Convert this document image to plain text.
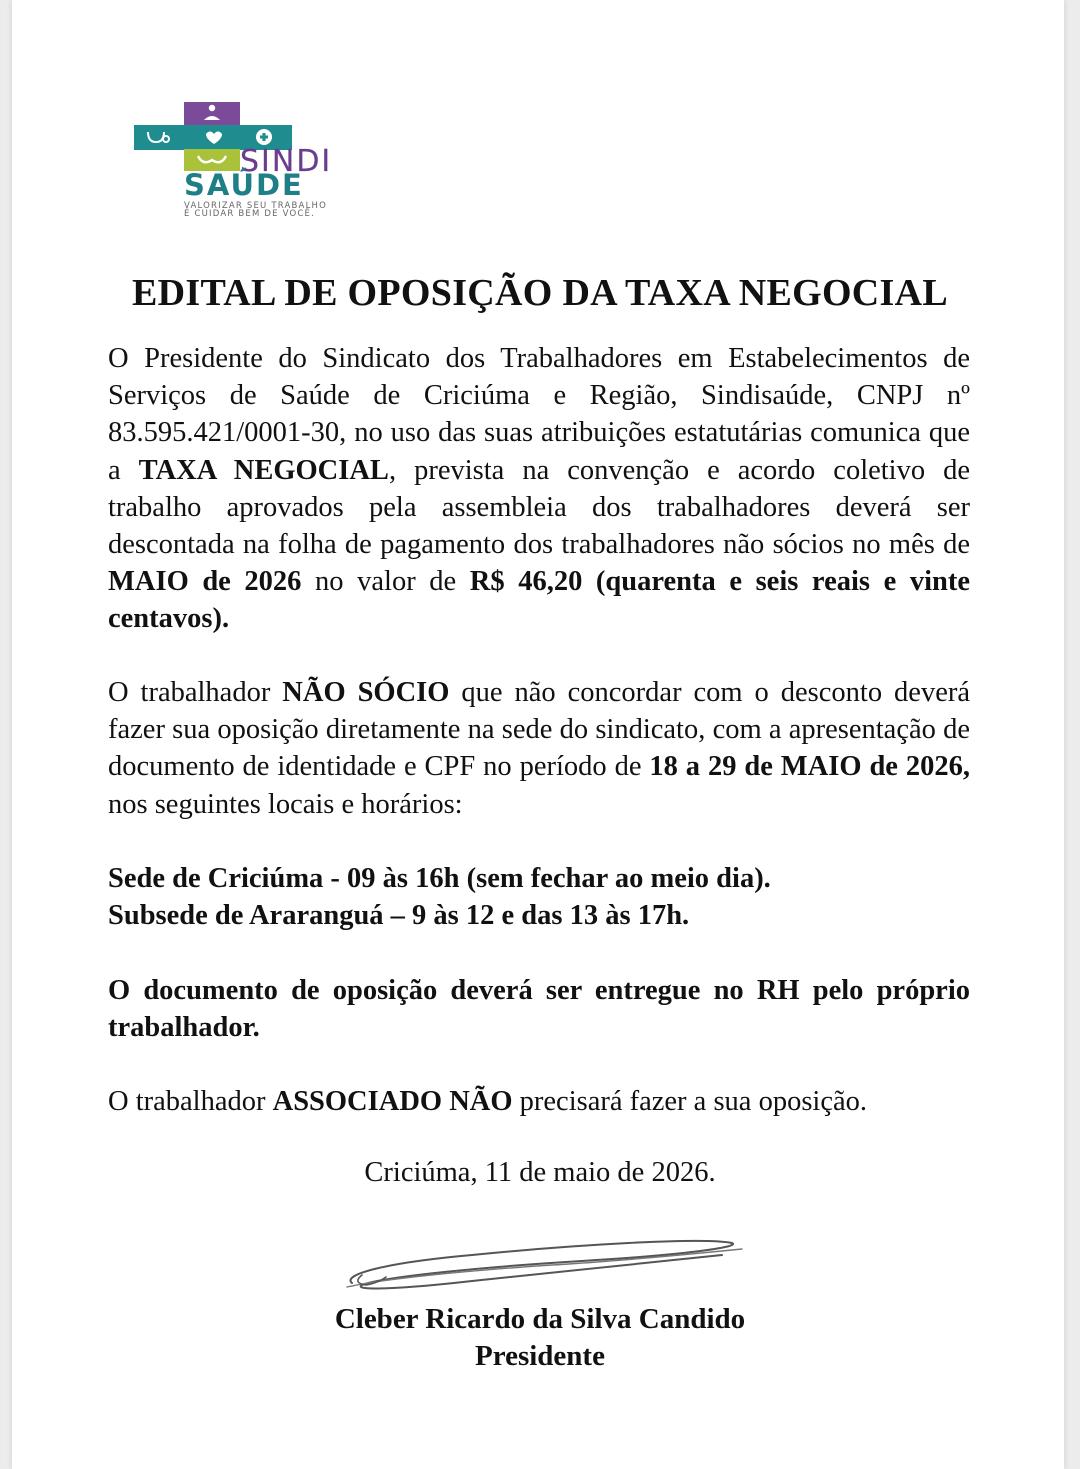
SINDI
SAÚDE
VALORIZAR SEU TRABALHO
É CUIDAR BEM DE VOCÊ.
EDITAL DE OPOSIÇÃO DA TAXA NEGOCIAL

O Presidente do Sindicato dos Trabalhadores em Estabelecimentos de Serviços de Saúde de Criciúma e Região, Sindisaúde, CNPJ nº 83.595.421/0001-30, no uso das suas atribuições estatutárias comunica que a TAXA NEGOCIAL, prevista na convenção e acordo coletivo de trabalho aprovados pela assembleia dos trabalhadores deverá ser descontada na folha de pagamento dos trabalhadores não sócios no mês de MAIO de 2026 no valor de R$ 46,20 (quarenta e seis reais e vinte centavos).

O trabalhador NÃO SÓCIO que não concordar com o desconto deverá fazer sua oposição diretamente na sede do sindicato, com a apresentação de documento de identidade e CPF no período de 18 a 29 de MAIO de 2026, nos seguintes locais e horários:

Sede de Criciúma - 09 às 16h (sem fechar ao meio dia).
Subsede de Araranguá – 9 às 12 e das 13 às 17h.

O documento de oposição deverá ser entregue no RH pelo próprio trabalhador.

O trabalhador ASSOCIADO NÃO precisará fazer a sua oposição.

Criciúma, 11 de maio de 2026.
Cleber Ricardo da Silva Candido
Presidente
